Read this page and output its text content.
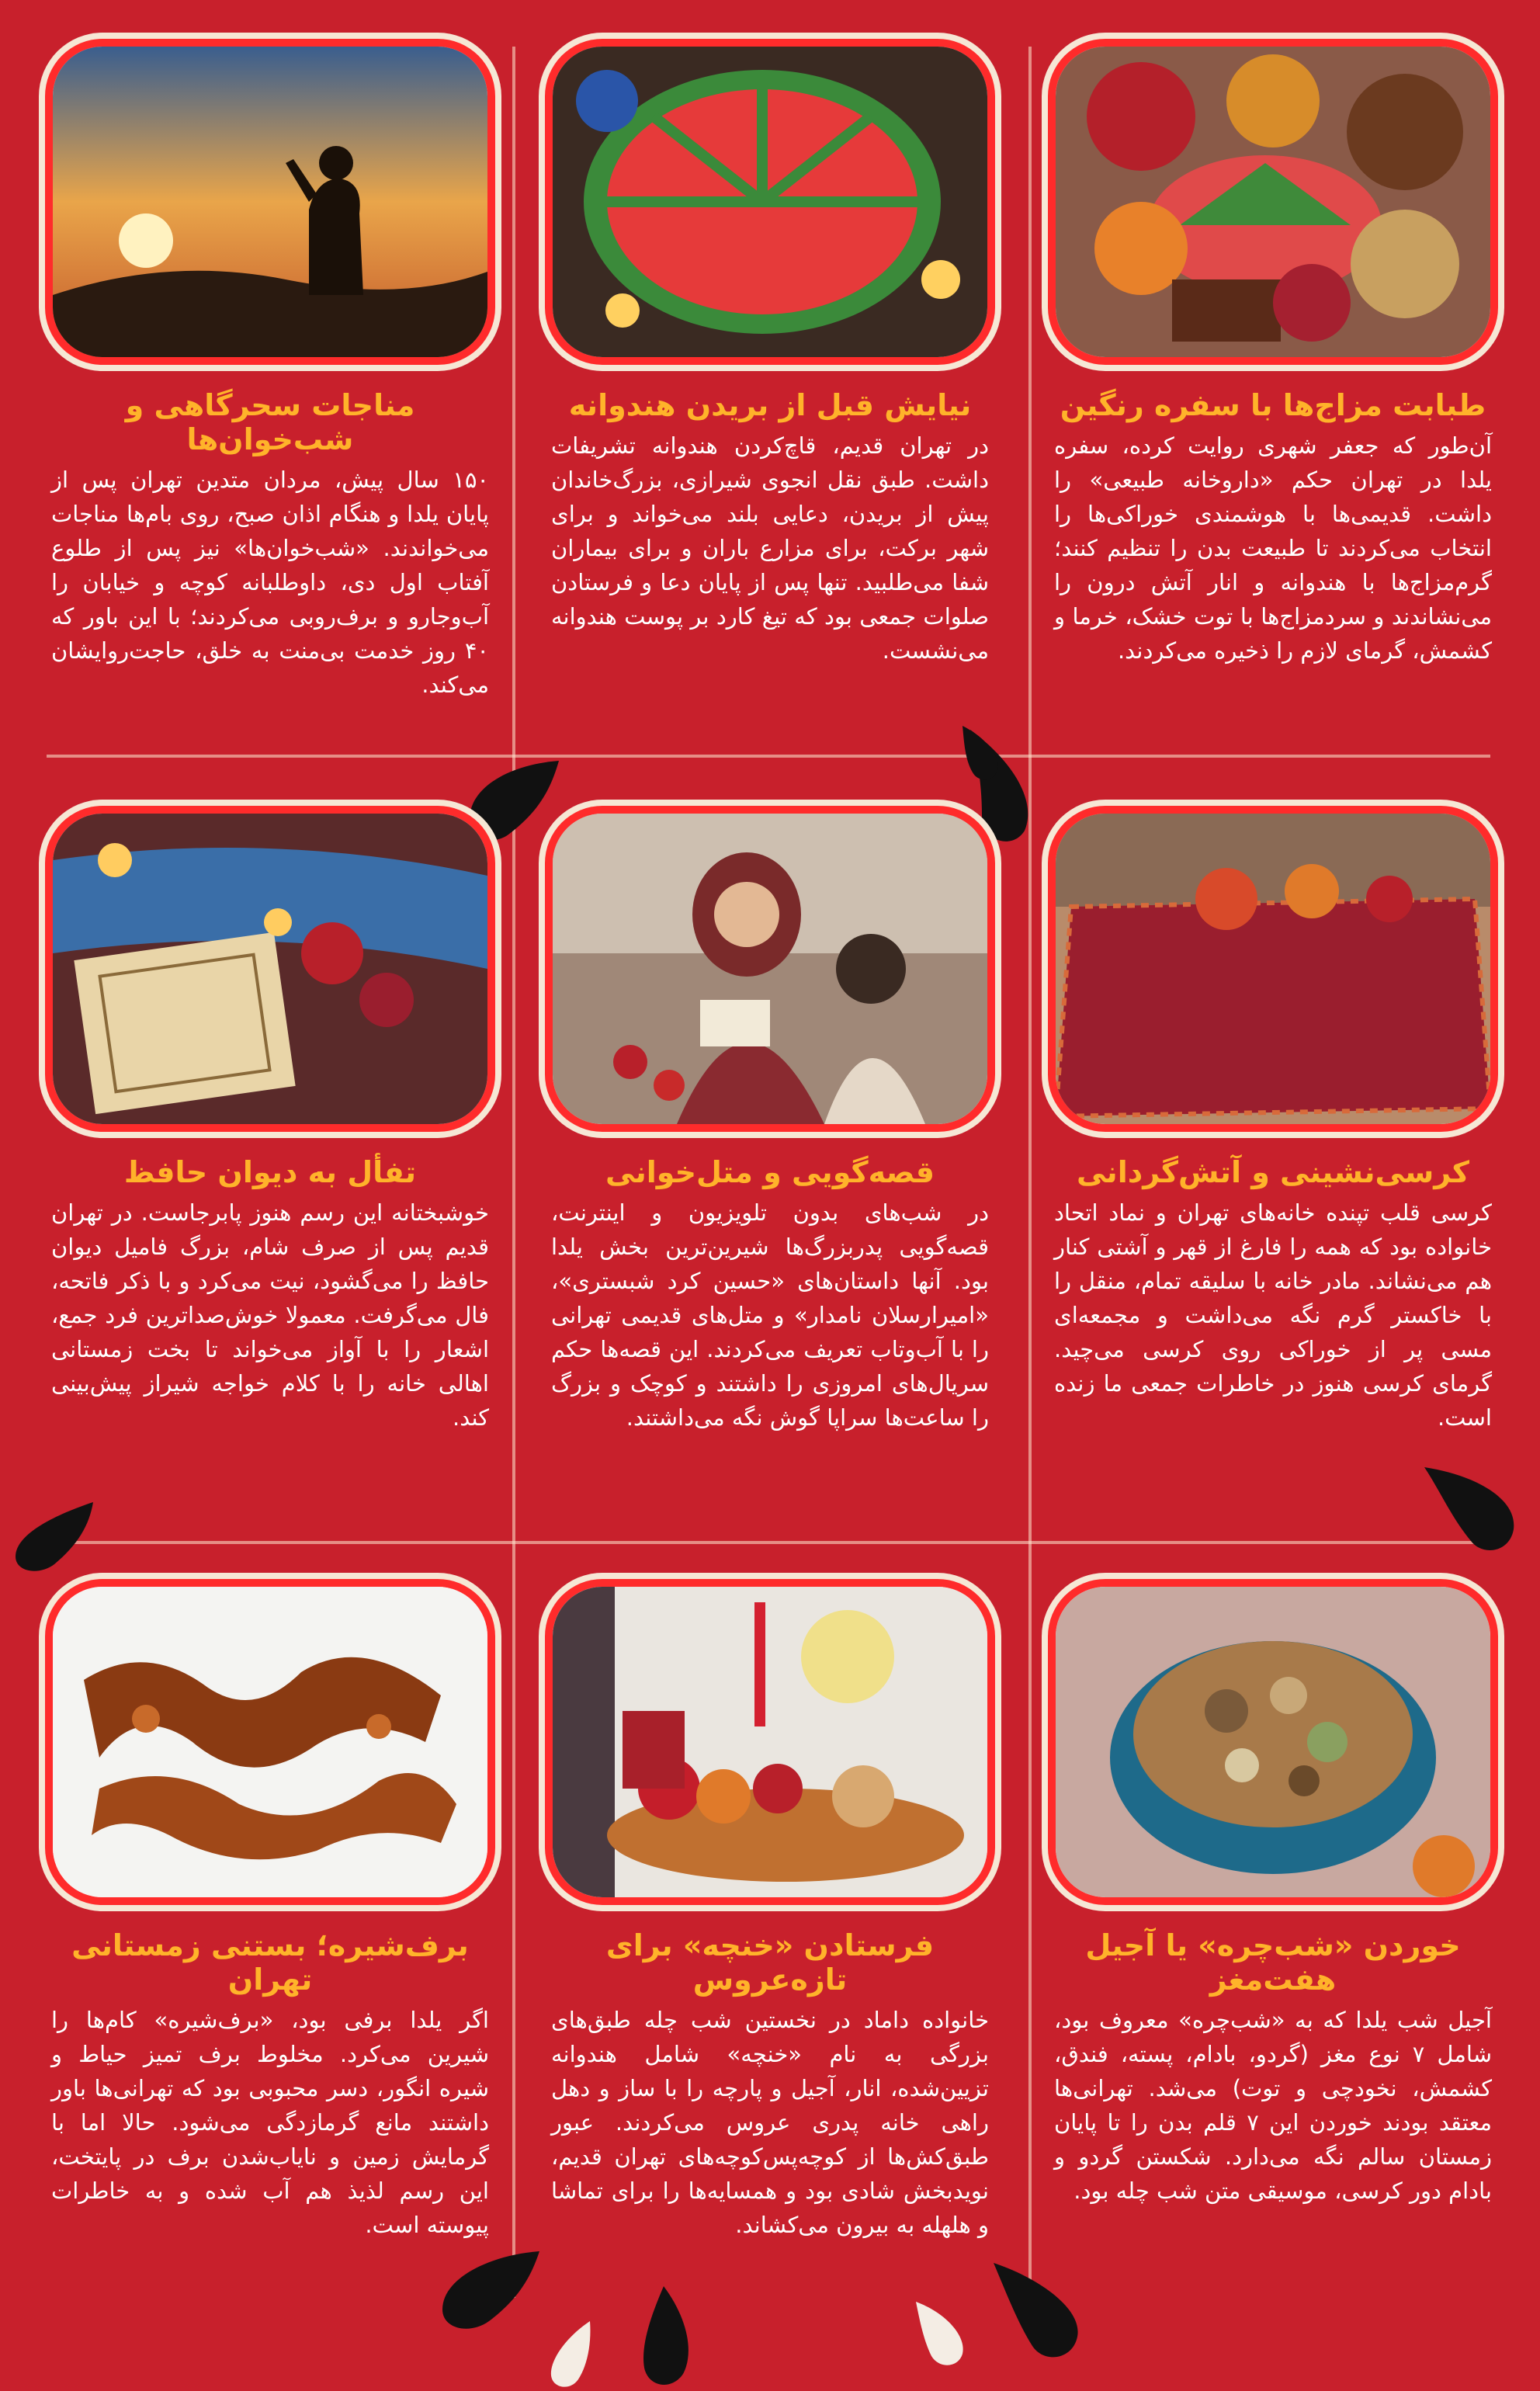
طبابت مزاج‌ها با سفره رنگین
آن‌طور که جعفر شهری روایت کرده، سفره یلدا در تهران حکم «داروخانه طبیعی» را داشت. قدیمی‌ها با هوشمندی خوراکی‌ها را انتخاب می‌کردند تا طبیعت بدن را تنظیم کنند؛ گرم‌مزاج‌ها با هندوانه و انار آتش درون را می‌نشاندند و سردمزاج‌ها با توت خشک، خرما و کشمش، گرمای لازم را ذخیره می‌کردند.
نیایش قبل از بریدن هندوانه
در تهران قدیم، قاچ‌کردن هندوانه تشریفات داشت. طبق نقل انجوی شیرازی، بزرگ‌خاندان پیش از بریدن، دعایی بلند می‌خواند و برای شهر برکت، برای مزارع باران و برای بیماران شفا می‌طلبید. تنها پس از پایان دعا و فرستادن صلوات جمعی بود که تیغ کارد بر پوست هندوانه می‌نشست.
مناجات سحرگاهی و شب‌خوان‌ها
۱۵۰ سال پیش، مردان متدین تهران پس از پایان یلدا و هنگام اذان صبح، روی بام‌ها مناجات می‌خواندند. «شب‌خوان‌ها» نیز پس از طلوع آفتاب اول دی، داوطلبانه کوچه و خیابان را آب‌وجارو و برف‌روبی می‌کردند؛ با این باور که ۴۰ روز خدمت بی‌منت به خلق، حاجت‌روایشان می‌کند.
کرسی‌نشینی و آتش‌گردانی
کرسی قلب تپنده خانه‌های تهران و نماد اتحاد خانواده بود که همه را فارغ از قهر و آشتی کنار هم می‌نشاند. مادر خانه با سلیقه تمام، منقل را با خاکستر گرم نگه می‌داشت و مجمعه‌ای مسی پر از خوراکی روی کرسی می‌چید. گرمای کرسی هنوز در خاطرات جمعی ما زنده است.
قصه‌گویی و متل‌خوانی
در شب‌های بدون تلویزیون و اینترنت، قصه‌گویی پدربزرگ‌ها شیرین‌ترین بخش یلدا بود. آنها داستان‌های «حسین کرد شبستری»، «امیرارسلان نامدار» و متل‌های قدیمی تهرانی را با آب‌وتاب تعریف می‌کردند. این قصه‌ها حکم سریال‌های امروزی را داشتند و کوچک و بزرگ را ساعت‌ها سراپا گوش نگه می‌داشتند.
تفأل به دیوان حافظ
خوشبختانه این رسم هنوز پابرجاست. در تهران قدیم پس از صرف شام، بزرگ فامیل دیوان حافظ را می‌گشود، نیت می‌کرد و با ذکر فاتحه، فال می‌گرفت. معمولا خوش‌صداترین فرد جمع، اشعار را با آواز می‌خواند تا بخت زمستانی اهالی خانه را با کلام خواجه شیراز پیش‌بینی کند.
خوردن «شب‌چره» یا آجیل هفت‌مغز
آجیل شب یلدا که به «شب‌چره» معروف بود، شامل ۷ نوع مغز (گردو، بادام، پسته، فندق، کشمش، نخودچی و توت) می‌شد. تهرانی‌ها معتقد بودند خوردن این ۷ قلم بدن را تا پایان زمستان سالم نگه می‌دارد. شکستن گردو و بادام دور کرسی، موسیقی متن شب چله بود.
فرستادن «خنچه» برای تازه‌عروس
خانواده داماد در نخستین شب چله طبق‌های بزرگی به نام «خنچه» شامل هندوانه تزیین‌شده، انار، آجیل و پارچه را با ساز و دهل راهی خانه پدری عروس می‌کردند. عبور طبق‌کش‌ها از کوچه‌پس‌کوچه‌های تهران قدیم، نویدبخش شادی بود و همسایه‌ها را برای تماشا و هلهله به بیرون می‌کشاند.
برف‌شیره؛ بستنی زمستانی تهران
اگر یلدا برفی بود، «برف‌شیره» کام‌ها را شیرین می‌کرد. مخلوط برف تمیز حیاط و شیره انگور، دسر محبوبی بود که تهرانی‌ها باور داشتند مانع گرمازدگی می‌شود. حالا اما با گرمایش زمین و نایاب‌شدن برف در پایتخت، این رسم لذیذ هم آب شده و به خاطرات پیوسته است.
